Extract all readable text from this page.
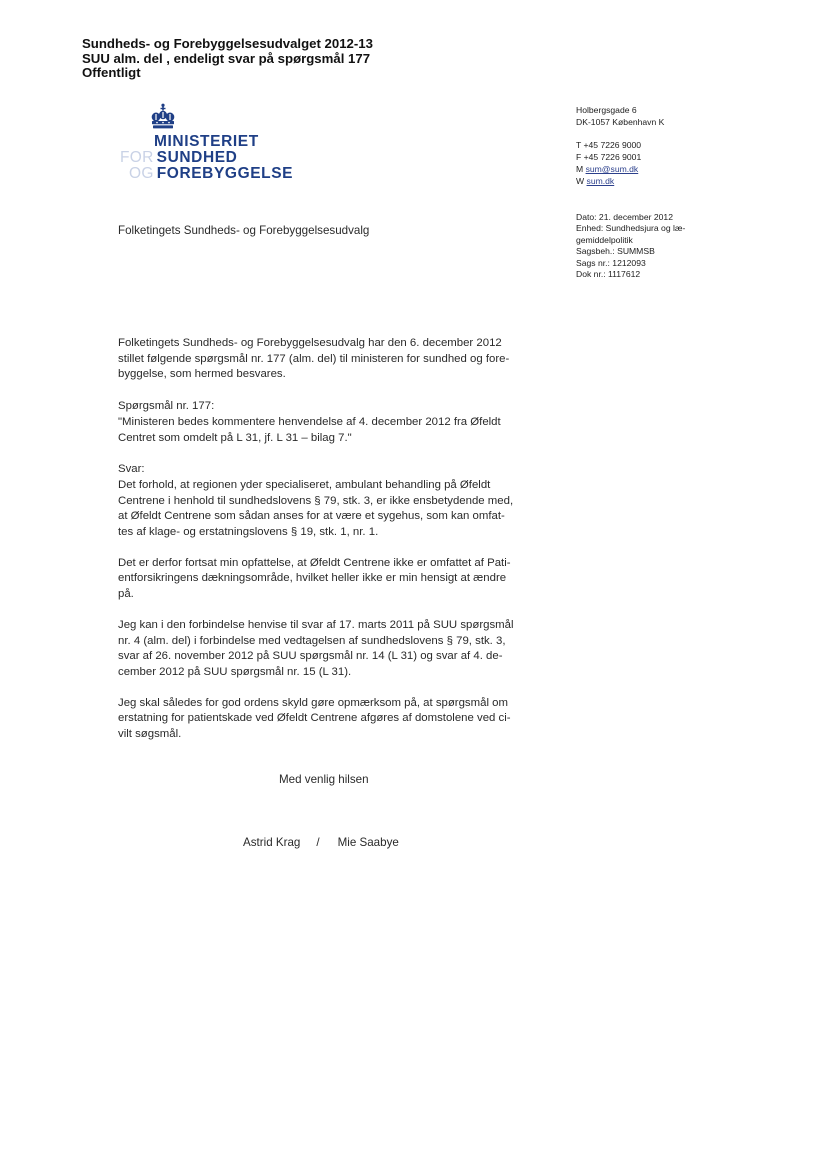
Sundheds- og Forebyggelsesudvalget 2012-13
SUU alm. del , endeligt svar på spørgsmål 177
Offentligt
MINISTERIET
FOR SUNDHED
OG FOREBYGGELSE
Holbergsgade 6
DK-1057 København K
T +45 7226 9000
F +45 7226 9001
M sum@sum.dk
W sum.dk
Dato: 21. december 2012
Enhed: Sundhedsjura og læ-
gemiddelpolitik
Sagsbeh.: SUMMSB
Sags nr.: 1212093
Dok nr.: 1117612
Folketingets Sundheds- og Forebyggelsesudvalg

Folketingets Sundheds- og Forebyggelsesudvalg har den 6. december 2012
stillet følgende spørgsmål nr. 177 (alm. del) til ministeren for sundhed og fore-
byggelse, som hermed besvares.

Spørgsmål nr. 177:
"Ministeren bedes kommentere henvendelse af 4. december 2012 fra Øfeldt
Centret som omdelt på L 31, jf. L 31 – bilag 7."

Svar:
Det forhold, at regionen yder specialiseret, ambulant behandling på Øfeldt
Centrene i henhold til sundhedslovens § 79, stk. 3, er ikke ensbetydende med,
at Øfeldt Centrene som sådan anses for at være et sygehus, som kan omfat-
tes af klage- og erstatningslovens § 19, stk. 1, nr. 1.

Det er derfor fortsat min opfattelse, at Øfeldt Centrene ikke er omfattet af Pati-
entforsikringens dækningsområde, hvilket heller ikke er min hensigt at ændre
på.

Jeg kan i den forbindelse henvise til svar af 17. marts 2011 på SUU spørgsmål
nr. 4 (alm. del) i forbindelse med vedtagelsen af sundhedslovens § 79, stk. 3,
svar af 26. november 2012 på SUU spørgsmål nr. 14 (L 31) og svar af 4. de-
cember 2012 på SUU spørgsmål nr. 15 (L 31).

Jeg skal således for god ordens skyld gøre opmærksom på, at spørgsmål om
erstatning for patientskade ved Øfeldt Centrene afgøres af domstolene ved ci-
vilt søgsmål.

Med venlig hilsen
Astrid Krag / Mie Saabye
